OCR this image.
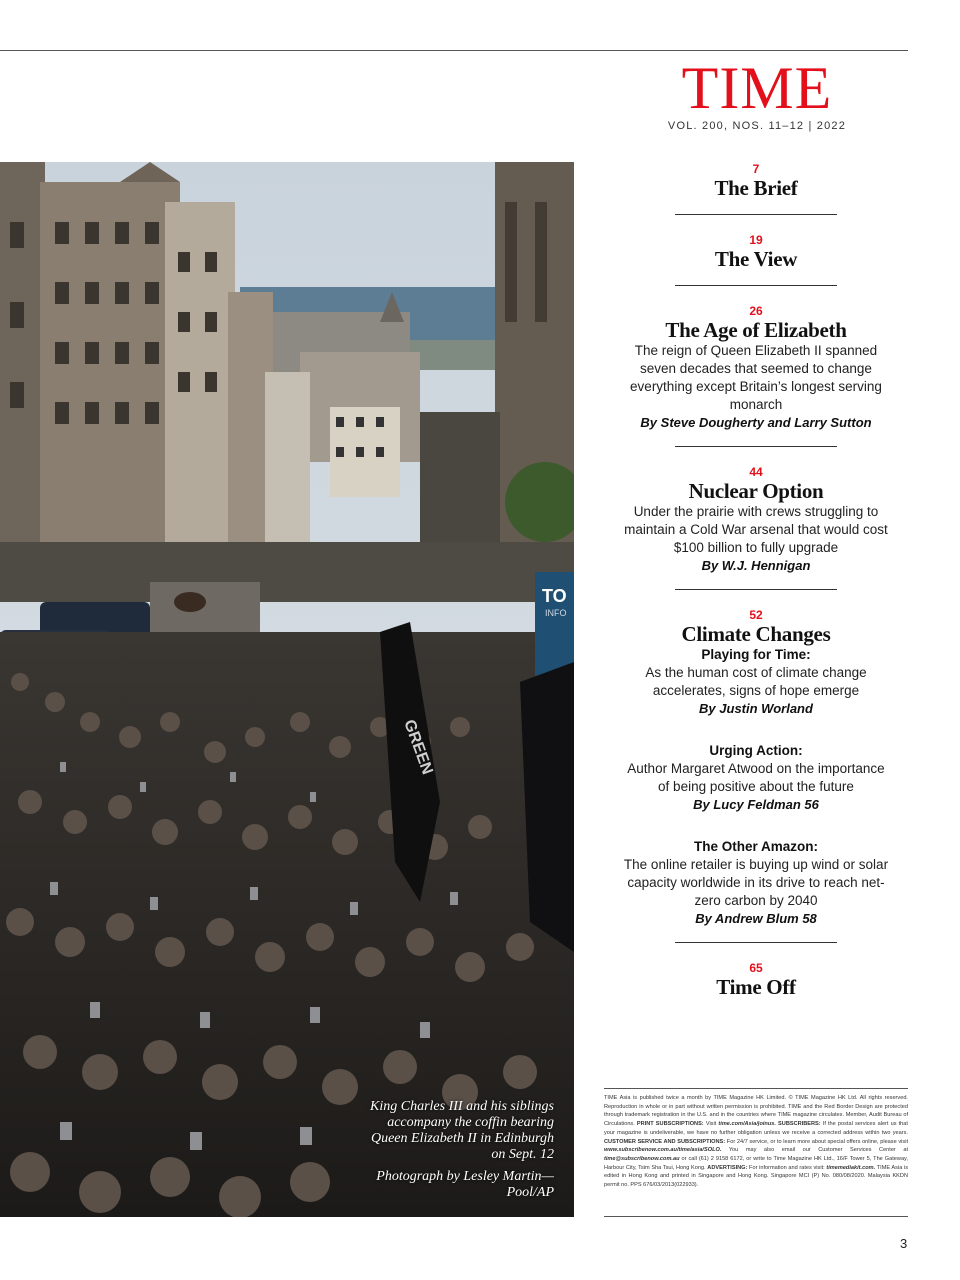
TIME
VOL. 200, NOS. 11–12 | 2022
GREEN
TO
INFO
King Charles III and his siblings accompany the coffin bearing Queen Elizabeth II in Edinburgh on Sept. 12
Photograph by Lesley Martin—Pool/AP
7
The Brief
19
The View
26
The Age of Elizabeth
The reign of Queen Elizabeth II spanned seven decades that seemed to change everything except Britain’s longest serving monarch
By Steve Dougherty and Larry Sutton
44
Nuclear Option
Under the prairie with crews struggling to maintain a Cold War arsenal that would cost $100 billion to fully upgrade
By W.J. Hennigan
52
Climate Changes
Playing for Time:
As the human cost of climate change accelerates, signs of hope emerge
By Justin Worland
Urging Action:
Author Margaret Atwood on the importance of being positive about the future
By Lucy Feldman 56
The Other Amazon:
The online retailer is buying up wind or solar capacity worldwide in its drive to reach net-zero carbon by 2040
By Andrew Blum 58
65
Time Off
TIME Asia is published twice a month by TIME Magazine HK Limited. © TIME Magazine HK Ltd. All rights reserved. Reproduction in whole or in part without written permission is prohibited. TIME and the Red Border Design are protected through trademark registration in the U.S. and in the countries where TIME magazine circulates. Member, Audit Bureau of Circulations. PRINT SUBSCRIPTIONS: Visit time.com/Asia/joinus. SUBSCRIBERS: If the postal services alert us that your magazine is undeliverable, we have no further obligation unless we receive a corrected address within two years. CUSTOMER SERVICE AND SUBSCRIPTIONS: For 24/7 service, or to learn more about special offers online, please visit www.subscribenow.com.au/time/asia/SOLO. You may also email our Customer Services Center at time@subscribenow.com.au or call (61) 2 9158 6172, or write to Time Magazine HK Ltd., 16/F Tower 5, The Gateway, Harbour City, Tsim Sha Tsui, Hong Kong. ADVERTISING: For information and rates visit: timemediakit.com. TIME Asia is edited in Hong Kong and printed in Singapore and Hong Kong. Singapore MCI (P) No. 080/08/2020. Malaysia KKDN permit no. PPS 676/03/2013(022933).
3
